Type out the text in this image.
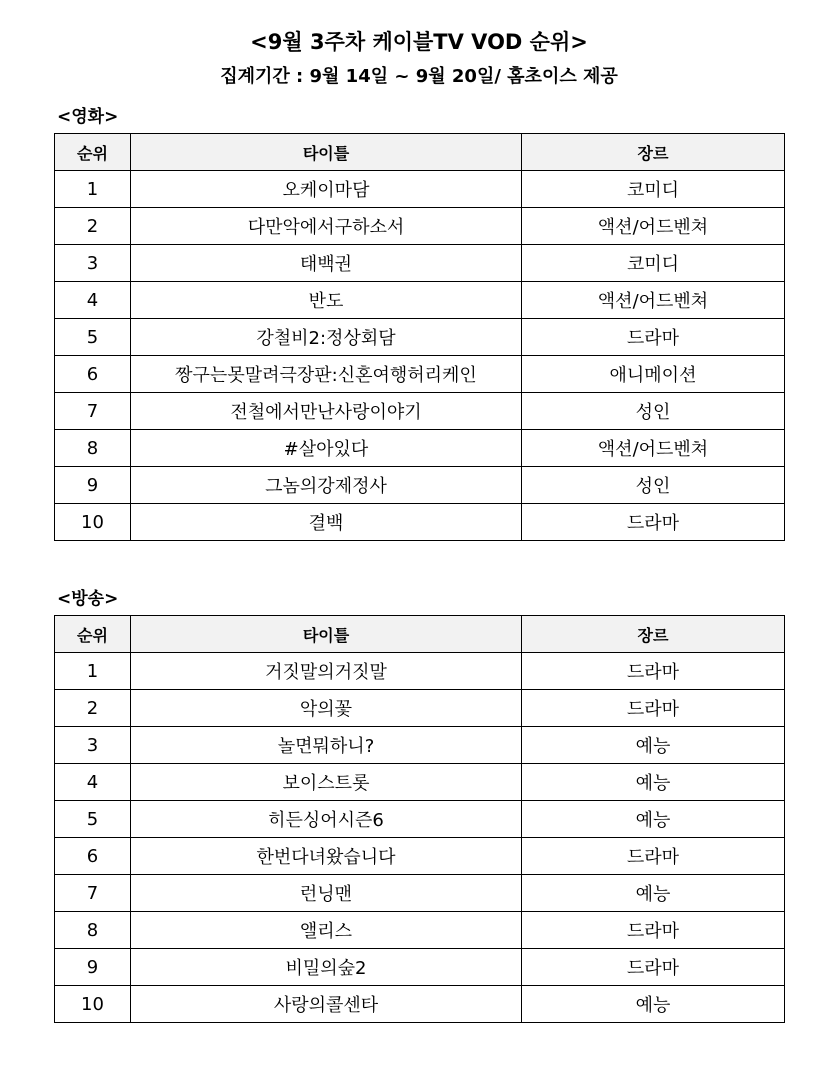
<9월 3주차 케이블TV VOD 순위>
집계기간 : 9월 14일 ~ 9월 20일/ 홈초이스 제공
<영화>
순위	타이틀	장르
1	오케이마담	코미디
2	다만악에서구하소서	액션/어드벤쳐
3	태백권	코미디
4	반도	액션/어드벤쳐
5	강철비2:정상회담	드라마
6	짱구는못말려극장판:신혼여행허리케인	애니메이션
7	전철에서만난사랑이야기	성인
8	#살아있다	액션/어드벤쳐
9	그놈의강제정사	성인
10	결백	드라마
<방송>
순위	타이틀	장르
1	거짓말의거짓말	드라마
2	악의꽃	드라마
3	놀면뭐하니?	예능
4	보이스트롯	예능
5	히든싱어시즌6	예능
6	한번다녀왔습니다	드라마
7	런닝맨	예능
8	앨리스	드라마
9	비밀의숲2	드라마
10	사랑의콜센타	예능
